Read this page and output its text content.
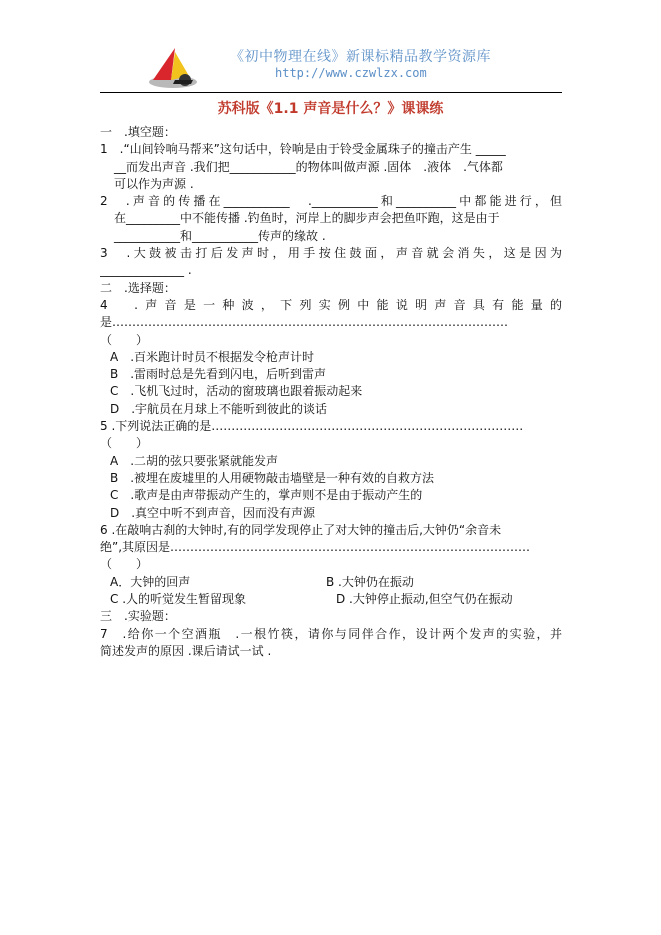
《初中物理在线》新课标精品教学资源库
http://www.czwlzx.com
苏科版《1.1 声音是什么？》课课练
一　.填空题：
1　.“山间铃响马帮来”这句话中，铃响是由于铃受金属珠子的撞击产生 _____
__而发出声音 .我们把___________的物体叫做声源 .固体　.液体　.气体都
可以作为声源 .
2　.声音的传播在___________　.___________和__________中都能进行，但
在_________中不能传播 .钓鱼时，河岸上的脚步声会把鱼吓跑，这是由于
___________和___________传声的缘故 .
3　.大鼓被击打后发声时，用手按住鼓面，声音就会消失，这是因为
______________ .
二　.选择题：
4　.声音是一种波，下列实例中能说明声音具有能量的
是………………………………………………………………………………………
（　　）
A　.百米跑计时员不根据发令枪声计时
B　.雷雨时总是先看到闪电，后听到雷声
C　.飞机飞过时，活动的窗玻璃也跟着振动起来
D　.宇航员在月球上不能听到彼此的谈话
5 .下列说法正确的是……………………………………………………………………
（　　）
A　.二胡的弦只要张紧就能发声
B　.被埋在废墟里的人用硬物敲击墙壁是一种有效的自救方法
C　.歌声是由声带振动产生的，掌声则不是由于振动产生的
D　.真空中听不到声音，因而没有声源
6 .在敲响古刹的大钟时,有的同学发现停止了对大钟的撞击后,大钟仍“余音未
绝”,其原因是………………………………………………………………………………
（　　）
A．大钟的回声	B .大钟仍在振动
C .人的听觉发生暂留现象	D .大钟停止振动,但空气仍在振动
三　.实验题：
7　.给你一个空酒瓶　.一根竹筷，请你与同伴合作，设计两个发声的实验，并
简述发声的原因 .课后请试一试 .
